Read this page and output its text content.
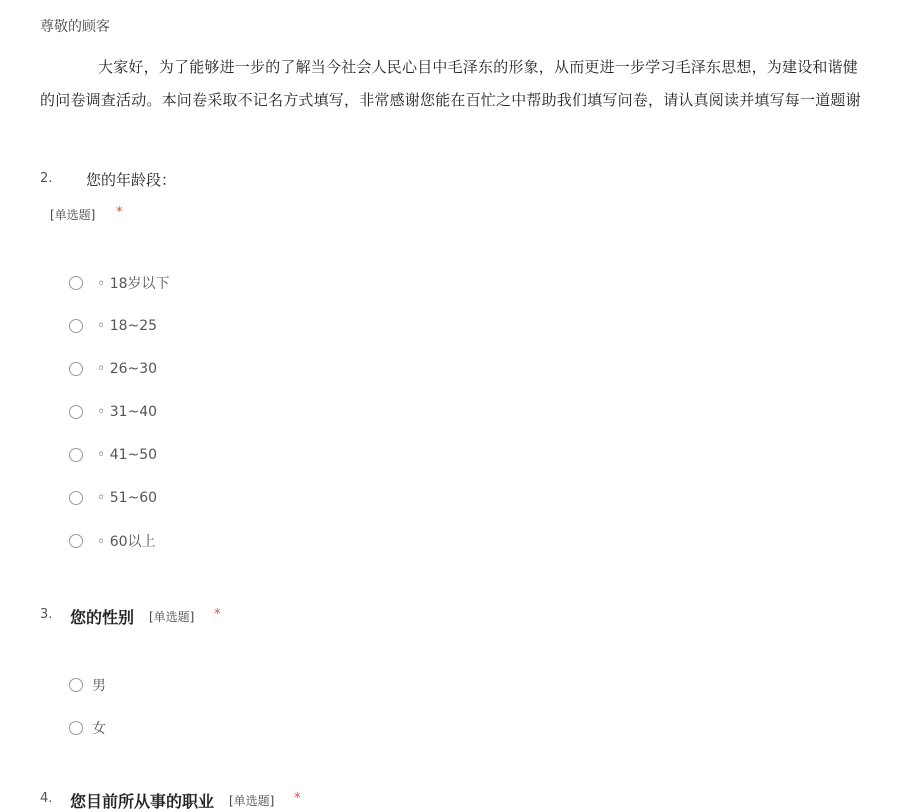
尊敬的顾客
大家好，为了能够进一步的了解当今社会人民心目中毛泽东的形象，从而更进一步学习毛泽东思想，为建设和谐健
的问卷调查活动。本问卷采取不记名方式填写，非常感谢您能在百忙之中帮助我们填写问卷，请认真阅读并填写每一道题谢
2. 您的年龄段：
[单选题] *
◦ 18岁以下
◦ 18~25
◦ 26~30
◦ 31~40
◦ 41~50
◦ 51~60
◦ 60以上
3. 您的性别 [单选题] *
男
女
4. 您目前所从事的职业 [单选题] *
